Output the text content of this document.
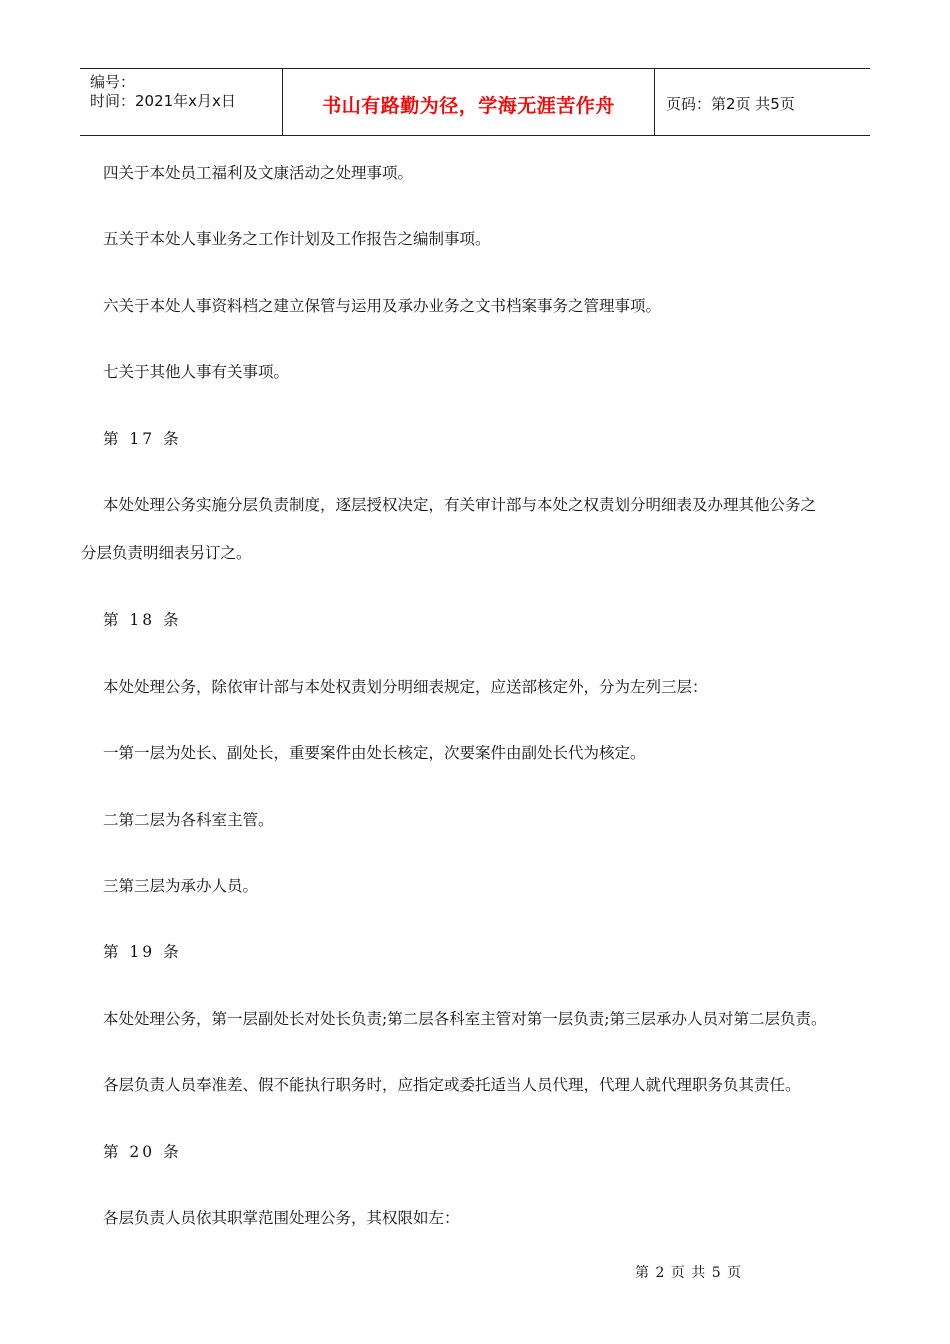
编号：
时间：2021年x月x日	书山有路勤为径，学海无涯苦作舟	页码：第2页 共5页
四关于本处员工福利及文康活动之处理事项。
五关于本处人事业务之工作计划及工作报告之编制事项。
六关于本处人事资料档之建立保管与运用及承办业务之文书档案事务之管理事项。
七关于其他人事有关事项。
第 17 条
本处处理公务实施分层负责制度，逐层授权决定，有关审计部与本处之权责划分明细表及办理其他公务之
分层负责明细表另订之。
第 18 条
本处处理公务，除依审计部与本处权责划分明细表规定，应送部核定外，分为左列三层：
一第一层为处长、副处长，重要案件由处长核定，次要案件由副处长代为核定。
二第二层为各科室主管。
三第三层为承办人员。
第 19 条
本处处理公务，第一层副处长对处长负责;第二层各科室主管对第一层负责;第三层承办人员对第二层负责。
各层负责人员奉准差、假不能执行职务时，应指定或委托适当人员代理，代理人就代理职务负其责任。
第 20 条
各层负责人员依其职掌范围处理公务，其权限如左：
第 2 页 共 5 页
